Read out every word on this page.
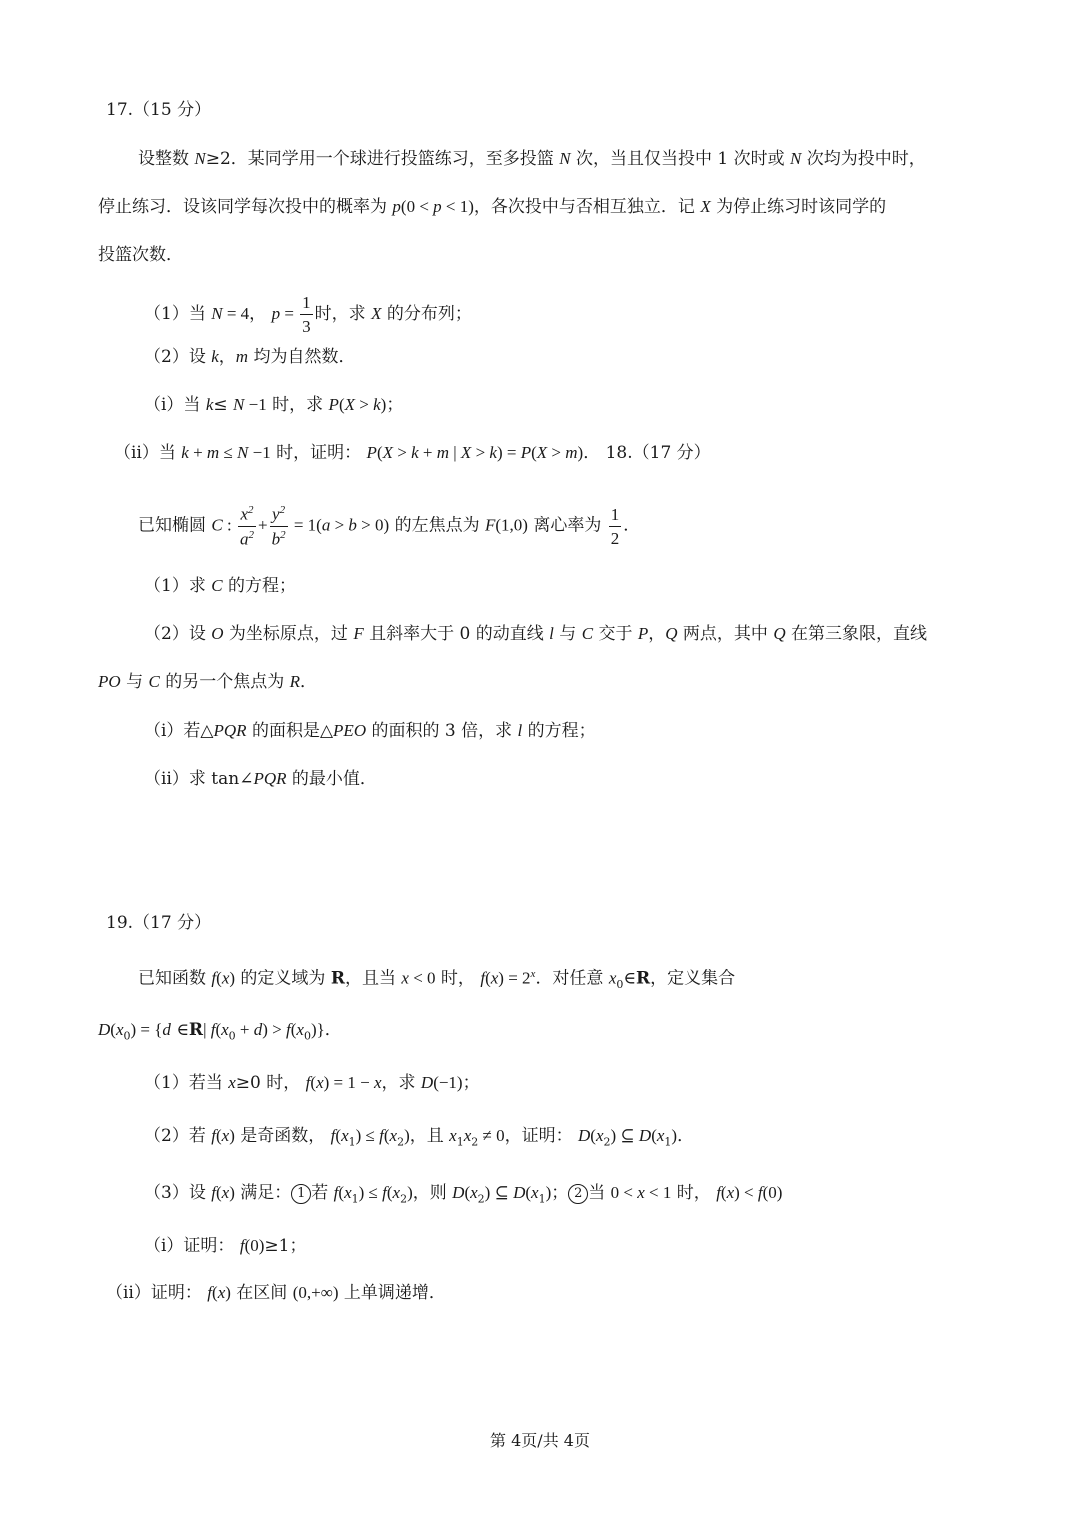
17.（15 分）
设整数 N≥2．某同学用一个球进行投篮练习，至多投篮 N 次，当且仅当投中 1 次时或 N 次均为投中时，
停止练习．设该同学每次投中的概率为 p(0 < p < 1)，各次投中与否相互独立．记 X 为停止练习时该同学的
投篮次数．
（1）当 N = 4， $p = \frac{1}{3}$ 时，求 X 的分布列；
（2）设 k，m 均为自然数．
（ⅰ）当 k≤ N −1 时，求 P(X > k)；
（ⅱ）当 k + m ≤ N −1 时，证明： P(X > k + m | X > k) = P(X > m)． 18.（17 分）
已知椭圆 C : $\frac{x^2}{a^2} + \frac{y^2}{b^2} = 1(a > b > 0)$ 的左焦点为 F(1,0) 离心率为 $\frac{1}{2}$ ．
（1）求 C 的方程；
（2）设 O 为坐标原点，过 F 且斜率大于 0 的动直线 l 与 C 交于 P，Q 两点，其中 Q 在第三象限，直线
PO 与 C 的另一个焦点为 R．
（ⅰ）若△PQR 的面积是△PEO 的面积的 3 倍，求 l 的方程；
（ⅱ）求 tan∠PQR 的最小值．
19.（17 分）
已知函数 f(x) 的定义域为 R，且当 x < 0 时， $f(x) = 2^x$．对任意 $x_0\in R$，定义集合
$D(x_0) = \{d$ ∈R| $f(x_0 + d) > f(x_0)$}．
（1）若当 x≥0 时， f(x) = 1 − x，求 D(−1)；
（2）若 f(x) 是奇函数， $f(x_1) \le f(x_2)$，且 $x_1x_2 \ne 0$，证明： $D(x_2)$ ⊆ $D(x_1)$．
（3）设 f(x) 满足： 1 若 $f(x_1) \le f(x_2)$，则 $D(x_2)$ ⊆ $D(x_1)$； 2 当 0 < x < 1 时， f(x) < f(0)
（ⅰ）证明： f(0)≥1；
（ⅱ）证明： f(x) 在区间 (0,+∞) 上单调递增．
第 4页/共 4页
